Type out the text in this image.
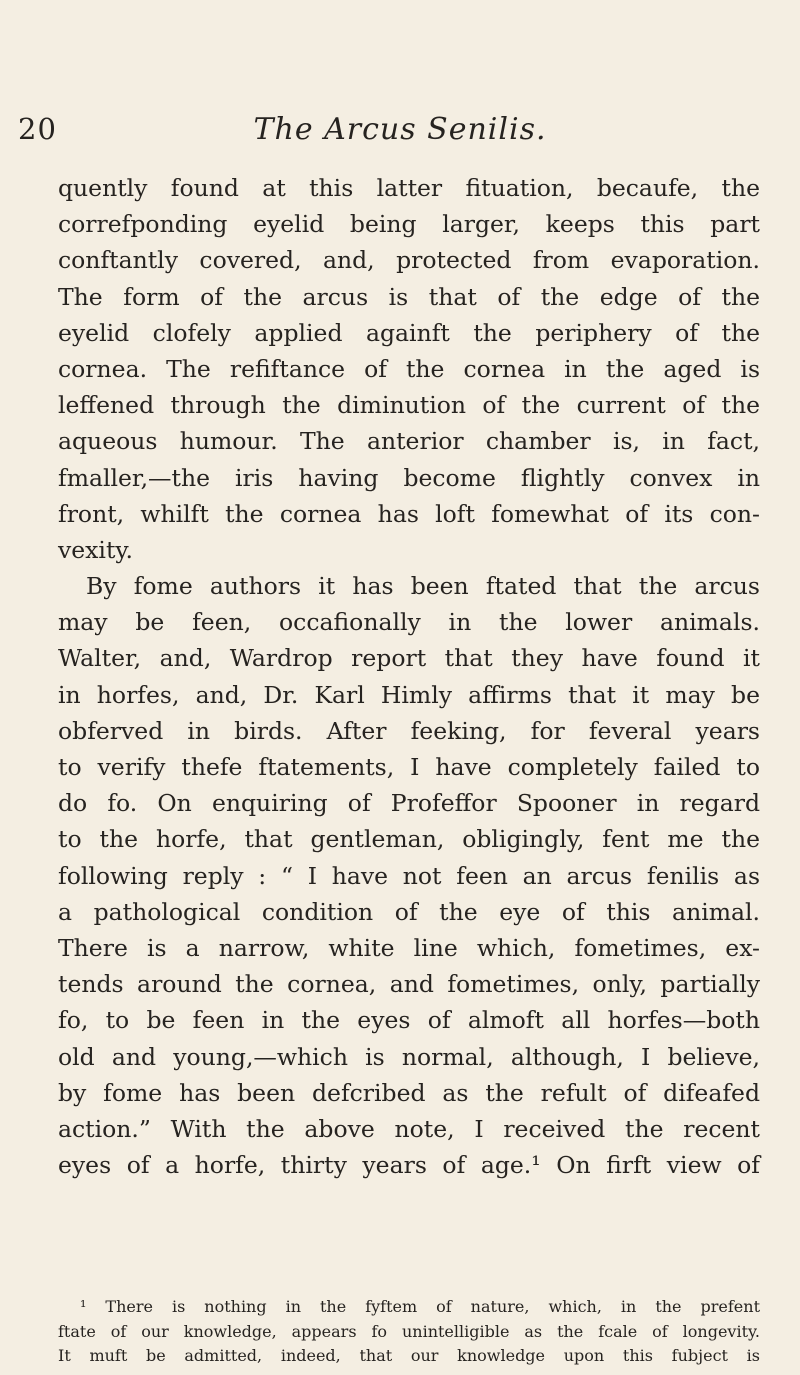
20	The Arcus Senilis.
quently found at this latter fituation, becaufe, the
correfponding eyelid being larger, keeps this part
conftantly covered, and, protected from evaporation.
The form of the arcus is that of the edge of the
eyelid clofely applied againft the periphery of the
cornea. The refiftance of the cornea in the aged is
leffened through the diminution of the current of the
aqueous humour. The anterior chamber is, in fact,
fmaller,—the iris having become flightly convex in
front, whilft the cornea has loft fomewhat of its con-
vexity.
By fome authors it has been ftated that the arcus
may be feen, occafionally in the lower animals.
Walter, and, Wardrop report that they have found it
in horfes, and, Dr. Karl Himly affirms that it may be
obferved in birds. After feeking, for feveral years
to verify thefe ftatements, I have completely failed to
do fo. On enquiring of Profeffor Spooner in regard
to the horfe, that gentleman, obligingly, fent me the
following reply : “ I have not feen an arcus fenilis as
a pathological condition of the eye of this animal.
There is a narrow, white line which, fometimes, ex-
tends around the cornea, and fometimes, only, partially
fo, to be feen in the eyes of almoft all horfes—both
old and young,—which is normal, although, I believe,
by fome has been defcribed as the refult of difeafed
action.” With the above note, I received the recent
eyes of a horfe, thirty years of age.¹ On firft view of
¹ There is nothing in the fyftem of nature, which, in the prefent
ftate of our knowledge, appears fo unintelligible as the fcale of longevity.
It muft be admitted, indeed, that our knowledge upon this fubject is
